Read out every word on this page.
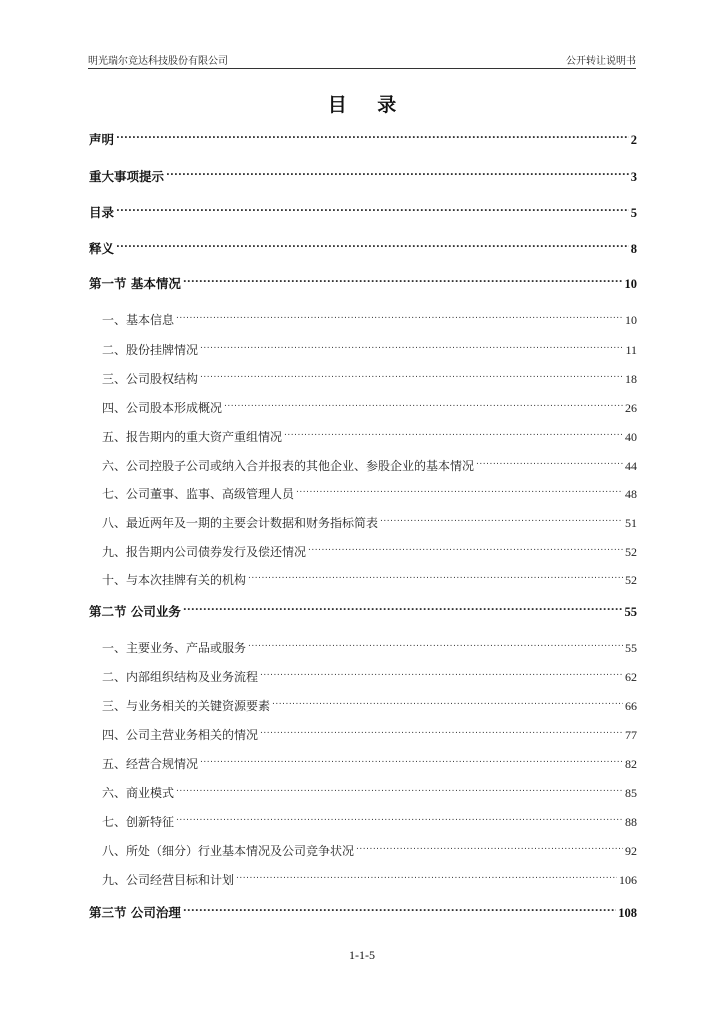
明光瑞尔竞达科技股份有限公司	公开转让说明书
目 录
声明 .....	2
重大事项提示 .....	3
目录 .....	5
释义 .....	8
第一节 基本情况 .....	10
一、基本信息 .....	10
二、股份挂牌情况 .....	11
三、公司股权结构 .....	18
四、公司股本形成概况 .....	26
五、报告期内的重大资产重组情况 .....	40
六、公司控股子公司或纳入合并报表的其他企业、参股企业的基本情况 .....	44
七、公司董事、监事、高级管理人员 .....	48
八、最近两年及一期的主要会计数据和财务指标简表 .....	51
九、报告期内公司债券发行及偿还情况 .....	52
十、与本次挂牌有关的机构 .....	52
第二节 公司业务 .....	55
一、主要业务、产品或服务 .....	55
二、内部组织结构及业务流程 .....	62
三、与业务相关的关键资源要素 .....	66
四、公司主营业务相关的情况 .....	77
五、经营合规情况 .....	82
六、商业模式 .....	85
七、创新特征 .....	88
八、所处（细分）行业基本情况及公司竞争状况 .....	92
九、公司经营目标和计划 .....	106
第三节 公司治理 .....	108
1-1-5
